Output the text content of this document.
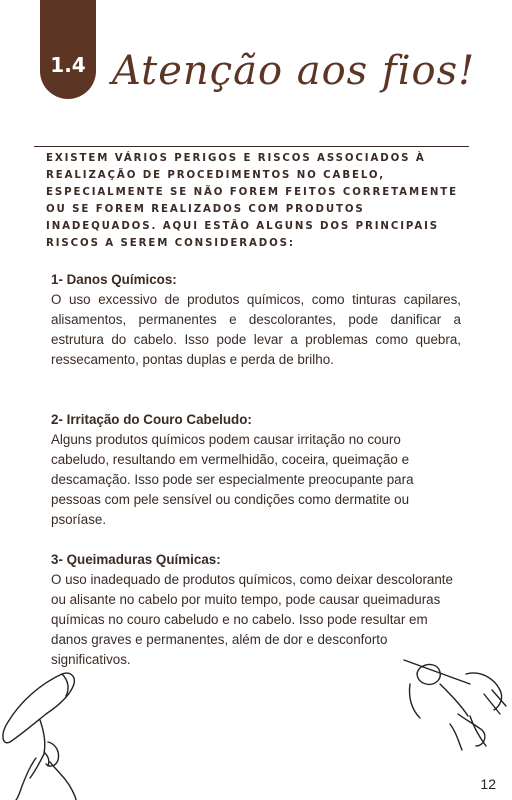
1.4 Atenção aos fios!
EXISTEM VÁRIOS PERIGOS E RISCOS ASSOCIADOS À REALIZAÇÃO DE PROCEDIMENTOS NO CABELO, ESPECIALMENTE SE NÃO FOREM FEITOS CORRETAMENTE OU SE FOREM REALIZADOS COM PRODUTOS INADEQUADOS. AQUI ESTÃO ALGUNS DOS PRINCIPAIS RISCOS A SEREM CONSIDERADOS:
1- Danos Químicos:

O uso excessivo de produtos químicos, como tinturas capilares, alisamentos, permanentes e descolorantes, pode danificar a estrutura do cabelo. Isso pode levar a problemas como quebra, ressecamento, pontas duplas e perda de brilho.

2- Irritação do Couro Cabeludo:

Alguns produtos químicos podem causar irritação no couro cabeludo, resultando em vermelhidão, coceira, queimação e descamação. Isso pode ser especialmente preocupante para pessoas com pele sensível ou condições como dermatite ou psoríase.

3- Queimaduras Químicas:

O uso inadequado de produtos químicos, como deixar descolorante ou alisante no cabelo por muito tempo, pode causar queimaduras químicas no couro cabeludo e no cabelo. Isso pode resultar em danos graves e permanentes, além de dor e desconforto significativos.

12
